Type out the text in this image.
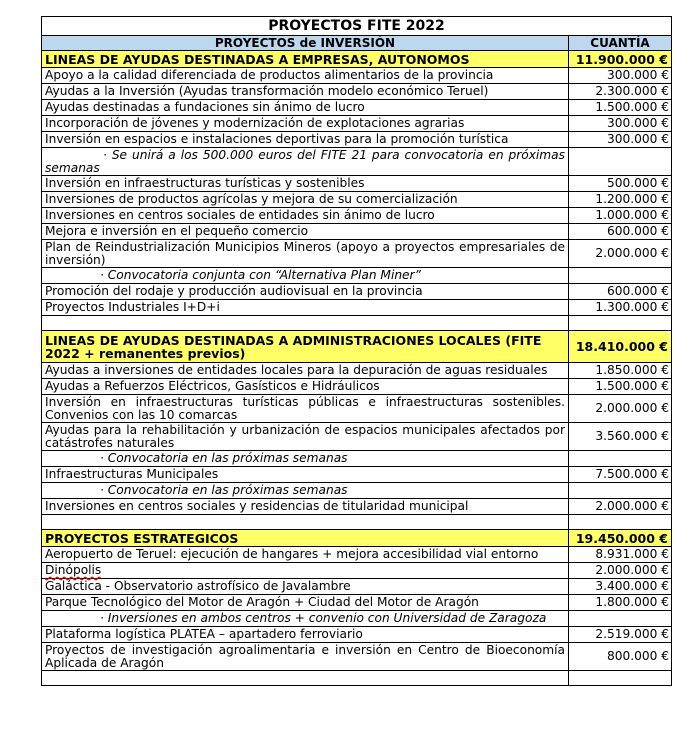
PROYECTOS FITE 2022	
PROYECTOS de INVERSIÓN	CUANTÍA
LINEAS DE AYUDAS DESTINADAS A EMPRESAS, AUTONOMOS	11.900.000 €
Apoyo a la calidad diferenciada de productos alimentarios de la provincia	300.000 €
Ayudas a la Inversión (Ayudas transformación modelo económico Teruel)	2.300.000 €
Ayudas destinadas a fundaciones sin ánimo de lucro	1.500.000 €
Incorporación de jóvenes y modernización de explotaciones agrarias	300.000 €
Inversión en espacios e instalaciones deportivas para la promoción turística	300.000 €
· Se unirá a los 500.000 euros del FITE 21 para convocatoria en próximas semanas	
Inversión en infraestructuras turísticas y sostenibles	500.000 €
Inversiones de productos agrícolas y mejora de su comercialización	1.200.000 €
Inversiones en centros sociales de entidades sin ánimo de lucro	1.000.000 €
Mejora e inversión en el pequeño comercio	600.000 €
Plan de Reindustrialización Municipios Mineros (apoyo a proyectos empresariales de inversión)	2.000.000 €
· Convocatoria conjunta con “Alternativa Plan Miner”	
Promoción del rodaje y producción audiovisual en la provincia	600.000 €
Proyectos Industriales I+D+i	1.300.000 €

LINEAS DE AYUDAS DESTINADAS A ADMINISTRACIONES LOCALES (FITE 2022 + remanentes previos)	18.410.000 €
Ayudas a inversiones de entidades locales para la depuración de aguas residuales	1.850.000 €
Ayudas a Refuerzos Eléctricos, Gasísticos e Hidráulicos	1.500.000 €
Inversión en infraestructuras turísticas públicas e infraestructuras sostenibles. Convenios con las 10 comarcas	2.000.000 €
Ayudas para la rehabilitación y urbanización de espacios municipales afectados por catástrofes naturales	3.560.000 €
· Convocatoria en las próximas semanas	
Infraestructuras Municipales	7.500.000 €
· Convocatoria en las próximas semanas	
Inversiones en centros sociales y residencias de titularidad municipal	2.000.000 €

PROYECTOS ESTRATEGICOS	19.450.000 €
Aeropuerto de Teruel: ejecución de hangares + mejora accesibilidad vial entorno	8.931.000 €
Dinópolis	2.000.000 €
Galáctica - Observatorio astrofísico de Javalambre	3.400.000 €
Parque Tecnológico del Motor de Aragón + Ciudad del Motor de Aragón	1.800.000 €
· Inversiones en ambos centros + convenio con Universidad de Zaragoza	
Plataforma logística PLATEA – apartadero ferroviario	2.519.000 €
Proyectos de investigación agroalimentaria e inversión en Centro de Bioeconomía Aplicada de Aragón	800.000 €
